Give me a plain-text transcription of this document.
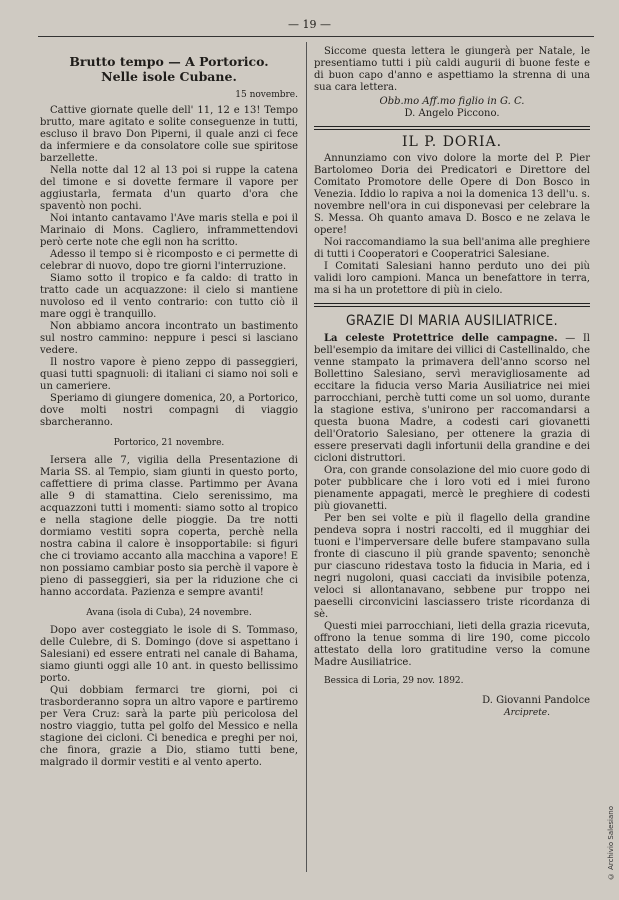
— 19 —
Brutto tempo — A Portorico.
Nelle isole Cubane.
15 novembre.

Cattive giornate quelle dell' 11, 12 e 13! Tempo brutto, mare agitato e solite conseguenze in tutti, escluso il bravo Don Piperni, il quale anzi ci fece da infermiere e da consolatore colle sue spiritose barzellette.

Nella notte dal 12 al 13 poi si ruppe la catena del timone e si dovette fermare il vapore per aggiustarla, fermata d'un quarto d'ora che spaventò non pochi.

Noi intanto cantavamo l'Ave maris stella e poi il Marinaio di Mons. Cagliero, inframmettendovi però certe note che egli non ha scritto.

Adesso il tempo si è ricomposto e ci permette di celebrar di nuovo, dopo tre giorni l'interruzione.

Siamo sotto il tropico e fa caldo: di tratto in tratto cade un acquazzone: il cielo si mantiene nuvoloso ed il vento contrario: con tutto ciò il mare oggi è tranquillo.

Non abbiamo ancora incontrato un bastimento sul nostro cammino: neppure i pesci si lasciano vedere.

Il nostro vapore è pieno zeppo di passeggieri, quasi tutti spagnuoli: di italiani ci siamo noi soli e un cameriere.

Speriamo di giungere domenica, 20, a Portorico, dove molti nostri compagni di viaggio sbarcheranno.

Portorico, 21 novembre.

Iersera alle 7, vigilia della Presentazione di Maria SS. al Tempio, siam giunti in questo porto, caffettiere di prima classe. Partimmo per Avana alle 9 di stamattina. Cielo serenissimo, ma acquazzoni tutti i momenti: siamo sotto al tropico e nella stagione delle pioggie. Da tre notti dormiamo vestiti sopra coperta, perchè nella nostra cabina il calore è insopportabile: si figuri che ci troviamo accanto alla macchina a vapore! E non possiamo cambiar posto sia perchè il vapore è pieno di passeggieri, sia per la riduzione che ci hanno accordata. Pazienza e sempre avanti!

Avana (isola di Cuba), 24 novembre.

Dopo aver costeggiato le isole di S. Tommaso, delle Culebre, di S. Domingo (dove si aspettano i Salesiani) ed essere entrati nel canale di Bahama, siamo giunti oggi alle 10 ant. in questo bellissimo porto.

Qui dobbiam fermarci tre giorni, poi ci trasborderanno sopra un altro vapore e partiremo per Vera Cruz: sarà la parte più pericolosa del nostro viaggio, tutta pel golfo del Messico e nella stagione dei cicloni. Ci benedica e preghi per noi, che finora, grazie a Dio, stiamo tutti bene, malgrado il dormir vestiti e al vento aperto.

Siccome questa lettera le giungerà per Natale, le presentiamo tutti i più caldi augurii di buone feste e di buon capo d'anno e aspettiamo la strenna di una sua cara lettera.

Obb.mo Aff.mo figlio in G. C.
D. Angelo Piccono.
IL P. DORIA.

Annunziamo con vivo dolore la morte del P. Pier Bartolomeo Doria dei Predicatori e Direttore del Comitato Promotore delle Opere di Don Bosco in Venezia. Iddio lo rapiva a noi la domenica 13 dell'u. s. novembre nell'ora in cui disponevasi per celebrare la S. Messa. Oh quanto amava D. Bosco e ne zelava le opere!

Noi raccomandiamo la sua bell'anima alle preghiere di tutti i Cooperatori e Cooperatrici Salesiane.

I Comitati Salesiani hanno perduto uno dei più validi loro campioni. Manca un benefattore in terra, ma si ha un protettore di più in cielo.

GRAZIE DI MARIA AUSILIATRICE.

La celeste Protettrice delle campagne. — Il bell'esempio da imitare dei villici di Castellinaldo, che venne stampato la primavera dell'anno scorso nel Bollettino Salesiano, servì meravigliosamente ad eccitare la fiducia verso Maria Ausiliatrice nei miei parrocchiani, perchè tutti come un sol uomo, durante la stagione estiva, s'unirono per raccomandarsi a questa buona Madre, a codesti cari giovanetti dell'Oratorio Salesiano, per ottenere la grazia di essere preservati dagli infortunii della grandine e dei cicloni distruttori.

Ora, con grande consolazione del mio cuore godo di poter pubblicare che i loro voti ed i miei furono pienamente appagati, mercè le preghiere di codesti più giovanetti.

Per ben sei volte e più il flagello della grandine pendeva sopra i nostri raccolti, ed il mugghiar dei tuoni e l'imperversare delle bufere stampavano sulla fronte di ciascuno il più grande spavento; senonchè pur ciascuno ridestava tosto la fiducia in Maria, ed i negri nugoloni, quasi cacciati da invisibile potenza, veloci si allontanavano, sebbene pur troppo nei paeselli circonvicini lasciassero triste ricordanza di sè.

Questi miei parrocchiani, lieti della grazia ricevuta, offrono la tenue somma di lire 190, come piccolo attestato della loro gratitudine verso la comune Madre Ausiliatrice.

Bessica di Loria, 29 nov. 1892.
D. Giovanni Pandolce
Arciprete.
© Archivio Salesiano
